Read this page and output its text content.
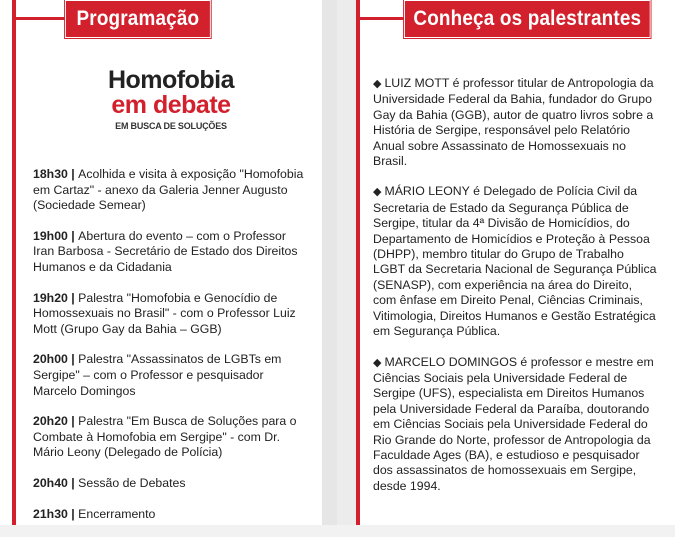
Programação
Homofobia
em debate
EM BUSCA DE SOLUÇÕES
18h30 | Acolhida e visita à exposição "Homofobia em Cartaz" - anexo da Galeria Jenner Augusto (Sociedade Semear)
19h00 | Abertura do evento – com o Professor Iran Barbosa - Secretário de Estado dos Direitos Humanos e da Cidadania
19h20 | Palestra "Homofobia e Genocídio de Homossexuais no Brasil" - com o Professor Luiz Mott (Grupo Gay da Bahia – GGB)
20h00 | Palestra "Assassinatos de LGBTs em Sergipe" – com o Professor e pesquisador Marcelo Domingos
20h20 | Palestra "Em Busca de Soluções para o Combate à Homofobia em Sergipe" - com Dr. Mário Leony (Delegado de Polícia)
20h40 | Sessão de Debates
21h30 | Encerramento
Conheça os palestrantes
◆ LUIZ MOTT é professor titular de Antropologia da Universidade Federal da Bahia, fundador do Grupo Gay da Bahia (GGB), autor de quatro livros sobre a História de Sergipe, responsável pelo Relatório Anual sobre Assassinato de Homossexuais no Brasil.
◆ MÁRIO LEONY é Delegado de Polícia Civil da Secretaria de Estado da Segurança Pública de Sergipe, titular da 4ª Divisão de Homicídios, do Departamento de Homicídios e Proteção à Pessoa (DHPP), membro titular do Grupo de Trabalho LGBT da Secretaria Nacional de Segurança Pública (SENASP), com experiência na área do Direito, com ênfase em Direito Penal, Ciências Criminais, Vitimologia, Direitos Humanos e Gestão Estratégica em Segurança Pública.
◆ MARCELO DOMINGOS é professor e mestre em Ciências Sociais pela Universidade Federal de Sergipe (UFS), especialista em Direitos Humanos pela Universidade Federal da Paraíba, doutorando em Ciências Sociais pela Universidade Federal do Rio Grande do Norte, professor de Antropologia da Faculdade Ages (BA), e estudioso e pesquisador dos assassinatos de homossexuais em Sergipe, desde 1994.
